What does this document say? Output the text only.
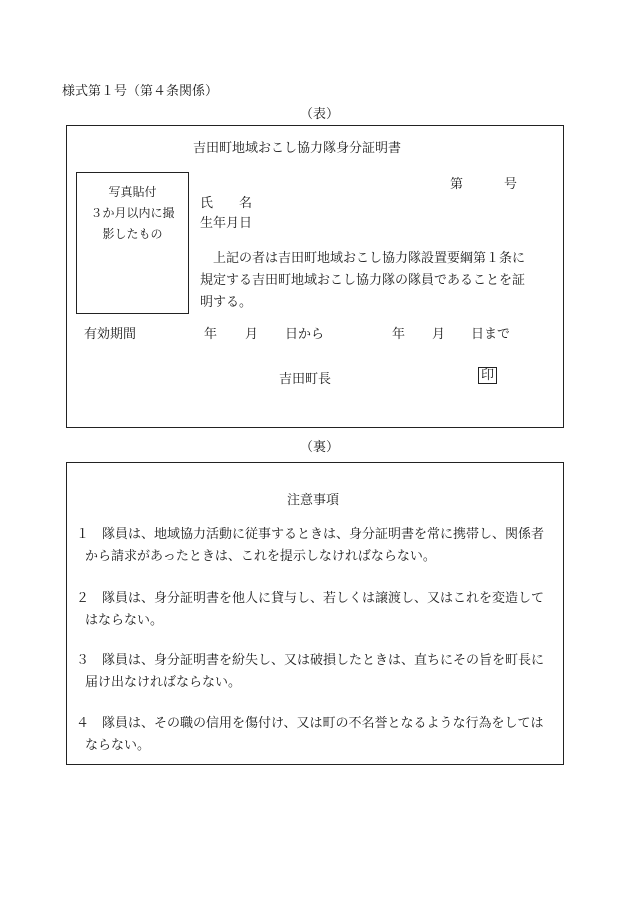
様式第１号（第４条関係）
（表）
吉田町地域おこし協力隊身分証明書
写真貼付
３か月以内に撮
影したもの
第	号
氏　　名
生年月日
上記の者は吉田町地域おこし協力隊設置要綱第１条に
規定する吉田町地域おこし協力隊の隊員であることを証
明する。
有効期間	年 月 日から	年 月 日まで
吉田町長	印
（裏）
注意事項
１　隊員は、地域協力活動に従事するときは、身分証明書を常に携帯し、関係者
から請求があったときは、これを提示しなければならない。
２　隊員は、身分証明書を他人に貸与し、若しくは譲渡し、又はこれを変造して
はならない。
３　隊員は、身分証明書を紛失し、又は破損したときは、直ちにその旨を町長に
届け出なければならない。
４　隊員は、その職の信用を傷付け、又は町の不名誉となるような行為をしては
ならない。
